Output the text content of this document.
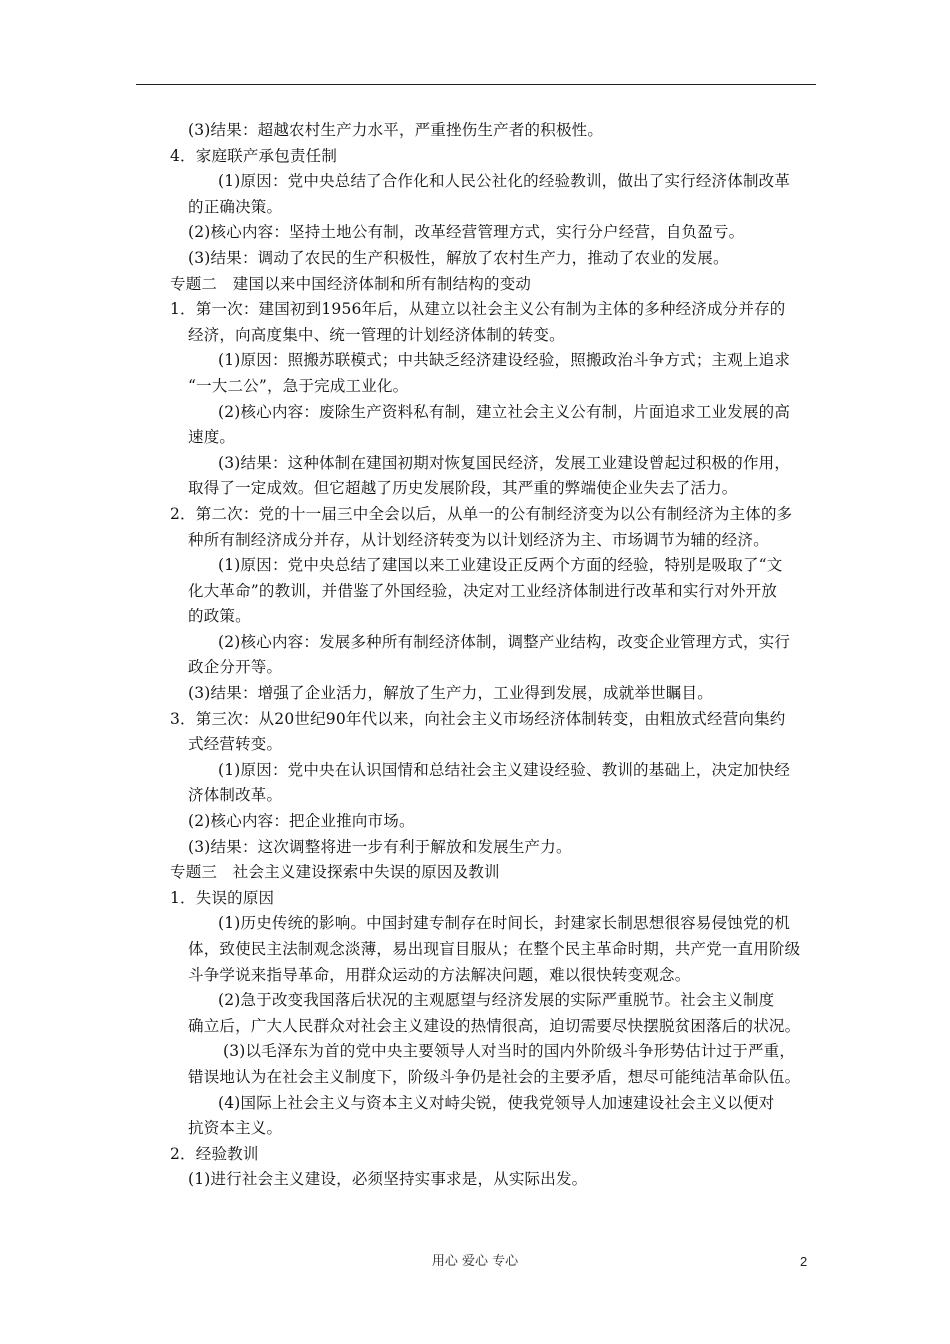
(3)结果：超越农村生产力水平，严重挫伤生产者的积极性。
4．家庭联产承包责任制
(1)原因：党中央总结了合作化和人民公社化的经验教训，做出了实行经济体制改革
的正确决策。
(2)核心内容：坚持土地公有制，改革经营管理方式，实行分户经营，自负盈亏。
(3)结果：调动了农民的生产积极性，解放了农村生产力，推动了农业的发展。
专题二　建国以来中国经济体制和所有制结构的变动
1．第一次：建国初到1956年后，从建立以社会主义公有制为主体的多种经济成分并存的
经济，向高度集中、统一管理的计划经济体制的转变。
(1)原因：照搬苏联模式；中共缺乏经济建设经验，照搬政治斗争方式；主观上追求
“一大二公”，急于完成工业化。
(2)核心内容：废除生产资料私有制，建立社会主义公有制，片面追求工业发展的高
速度。
(3)结果：这种体制在建国初期对恢复国民经济，发展工业建设曾起过积极的作用，
取得了一定成效。但它超越了历史发展阶段，其严重的弊端使企业失去了活力。
2．第二次：党的十一届三中全会以后，从单一的公有制经济变为以公有制经济为主体的多
种所有制经济成分并存，从计划经济转变为以计划经济为主、市场调节为辅的经济。
(1)原因：党中央总结了建国以来工业建设正反两个方面的经验，特别是吸取了“文
化大革命”的教训，并借鉴了外国经验，决定对工业经济体制进行改革和实行对外开放
的政策。
(2)核心内容：发展多种所有制经济体制，调整产业结构，改变企业管理方式，实行
政企分开等。
(3)结果：增强了企业活力，解放了生产力，工业得到发展，成就举世瞩目。
3．第三次：从20世纪90年代以来，向社会主义市场经济体制转变，由粗放式经营向集约
式经营转变。
(1)原因：党中央在认识国情和总结社会主义建设经验、教训的基础上，决定加快经
济体制改革。
(2)核心内容：把企业推向市场。
(3)结果：这次调整将进一步有利于解放和发展生产力。
专题三　社会主义建设探索中失误的原因及教训
1．失误的原因
(1)历史传统的影响。中国封建专制存在时间长，封建家长制思想很容易侵蚀党的机
体，致使民主法制观念淡薄，易出现盲目服从；在整个民主革命时期，共产党一直用阶级
斗争学说来指导革命，用群众运动的方法解决问题，难以很快转变观念。
(2)急于改变我国落后状况的主观愿望与经济发展的实际严重脱节。社会主义制度
确立后，广大人民群众对社会主义建设的热情很高，迫切需要尽快摆脱贫困落后的状况。
(3)以毛泽东为首的党中央主要领导人对当时的国内外阶级斗争形势估计过于严重，
错误地认为在社会主义制度下，阶级斗争仍是社会的主要矛盾，想尽可能纯洁革命队伍。
(4)国际上社会主义与资本主义对峙尖锐，使我党领导人加速建设社会主义以便对
抗资本主义。
2．经验教训
(1)进行社会主义建设，必须坚持实事求是，从实际出发。
用心 爱心 专心	2
